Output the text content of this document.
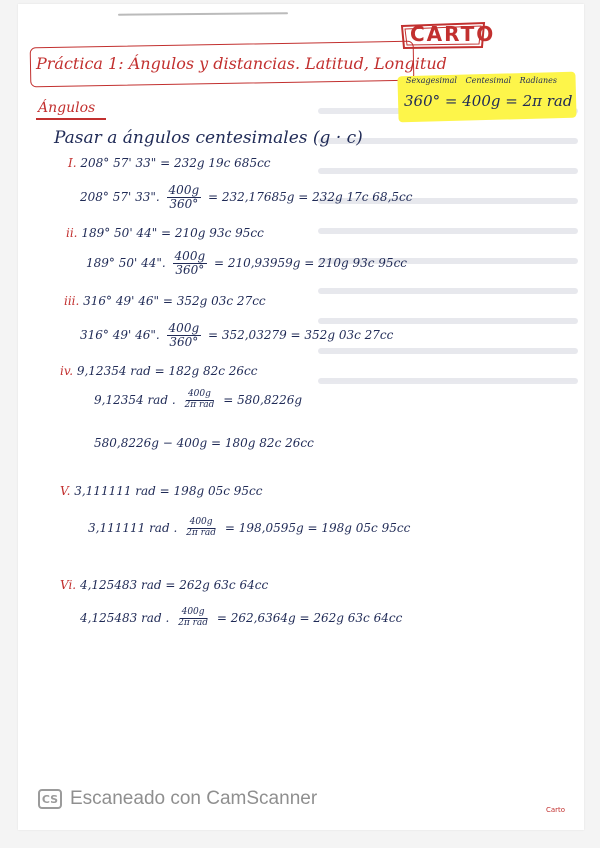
CARTO
Práctica 1: Ángulos y distancias. Latitud, Longitud
Sexagesimal Centesimal Radianes
360° = 400g = 2π rad
Ángulos
Pasar a ángulos centesimales (g · c)
I. 208° 57' 33" = 232g 19c 685cc
208° 57' 33". $\frac{400g}{360^\circ} = 232,17685g = 232g$ 17c 68,5cc
ii. 189° 50' 44" = 210g 93c 95cc
189° 50' 44". $\frac{400g}{360^\circ} = 210,93959g = 210g$ 93c 95cc
iii. 316° 49' 46" = 352g 03c 27cc
316° 49' 46". $\frac{400g}{360^\circ} = 352,03279 = 352g$ 03c 27cc
iv. 9,12354 rad = 182g 82c 26cc
9,12354 rad . $\frac{400g}{\text{2π rad}} = 580,8226g$
580,8226g − 400g = 180g 82c 26cc
V. 3,111111 rad = 198g 05c 95cc
3,111111 rad . $\frac{400g}{\text{2π rad}} = 198,0595g = 198g$ 05c 95cc
Vi. 4,125483 rad = 262g 63c 64cc
4,125483 rad . $\frac{400g}{\text{2π rad}} = 262,6364g = 262g$ 63c 64cc
CS Escaneado con CamScanner
Carto
